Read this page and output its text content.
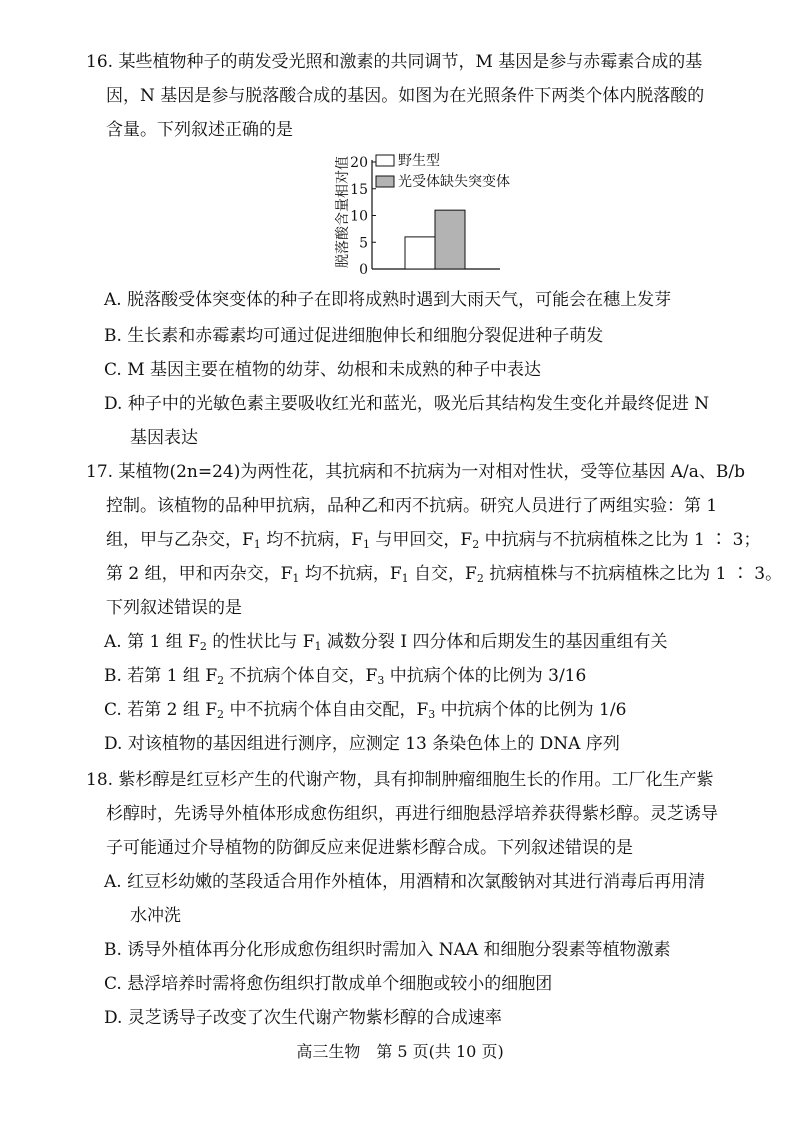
16. 某些植物种子的萌发受光照和激素的共同调节，M 基因是参与赤霉素合成的基
因，N 基因是参与脱落酸合成的基因。如图为在光照条件下两类个体内脱落酸的
含量。下列叙述正确的是
脱落酸含量相对值
0
5
10
15
20 野生型
光受体缺失突变体
A. 脱落酸受体突变体的种子在即将成熟时遇到大雨天气，可能会在穗上发芽
B. 生长素和赤霉素均可通过促进细胞伸长和细胞分裂促进种子萌发
C. M 基因主要在植物的幼芽、幼根和未成熟的种子中表达
D. 种子中的光敏色素主要吸收红光和蓝光，吸光后其结构发生变化并最终促进 N
基因表达
17. 某植物(2n=24)为两性花，其抗病和不抗病为一对相对性状，受等位基因 A/a、B/b
控制。该植物的品种甲抗病，品种乙和丙不抗病。研究人员进行了两组实验：第 1
组，甲与乙杂交，$F_1$ 均不抗病，$F_1$ 与甲回交，$F_2$ 中抗病与不抗病植株之比为 1 ∶ 3；
第 2 组，甲和丙杂交，$F_1$ 均不抗病，$F_1$ 自交，$F_2$ 抗病植株与不抗病植株之比为 1 ∶ 3。
下列叙述错误的是
A. 第 1 组 $F_2$ 的性状比与 $F_1$ 减数分裂 Ⅰ 四分体和后期发生的基因重组有关
B. 若第 1 组 $F_2$ 不抗病个体自交，$F_3$ 中抗病个体的比例为 3/16
C. 若第 2 组 $F_2$ 中不抗病个体自由交配，$F_3$ 中抗病个体的比例为 1/6
D. 对该植物的基因组进行测序，应测定 13 条染色体上的 DNA 序列
18. 紫杉醇是红豆杉产生的代谢产物，具有抑制肿瘤细胞生长的作用。工厂化生产紫
杉醇时，先诱导外植体形成愈伤组织，再进行细胞悬浮培养获得紫杉醇。灵芝诱导
子可能通过介导植物的防御反应来促进紫杉醇合成。下列叙述错误的是
A. 红豆杉幼嫩的茎段适合用作外植体，用酒精和次氯酸钠对其进行消毒后再用清
水冲洗
B. 诱导外植体再分化形成愈伤组织时需加入 NAA 和细胞分裂素等植物激素
C. 悬浮培养时需将愈伤组织打散成单个细胞或较小的细胞团
D. 灵芝诱导子改变了次生代谢产物紫杉醇的合成速率
高三生物　第 5 页(共 10 页)
